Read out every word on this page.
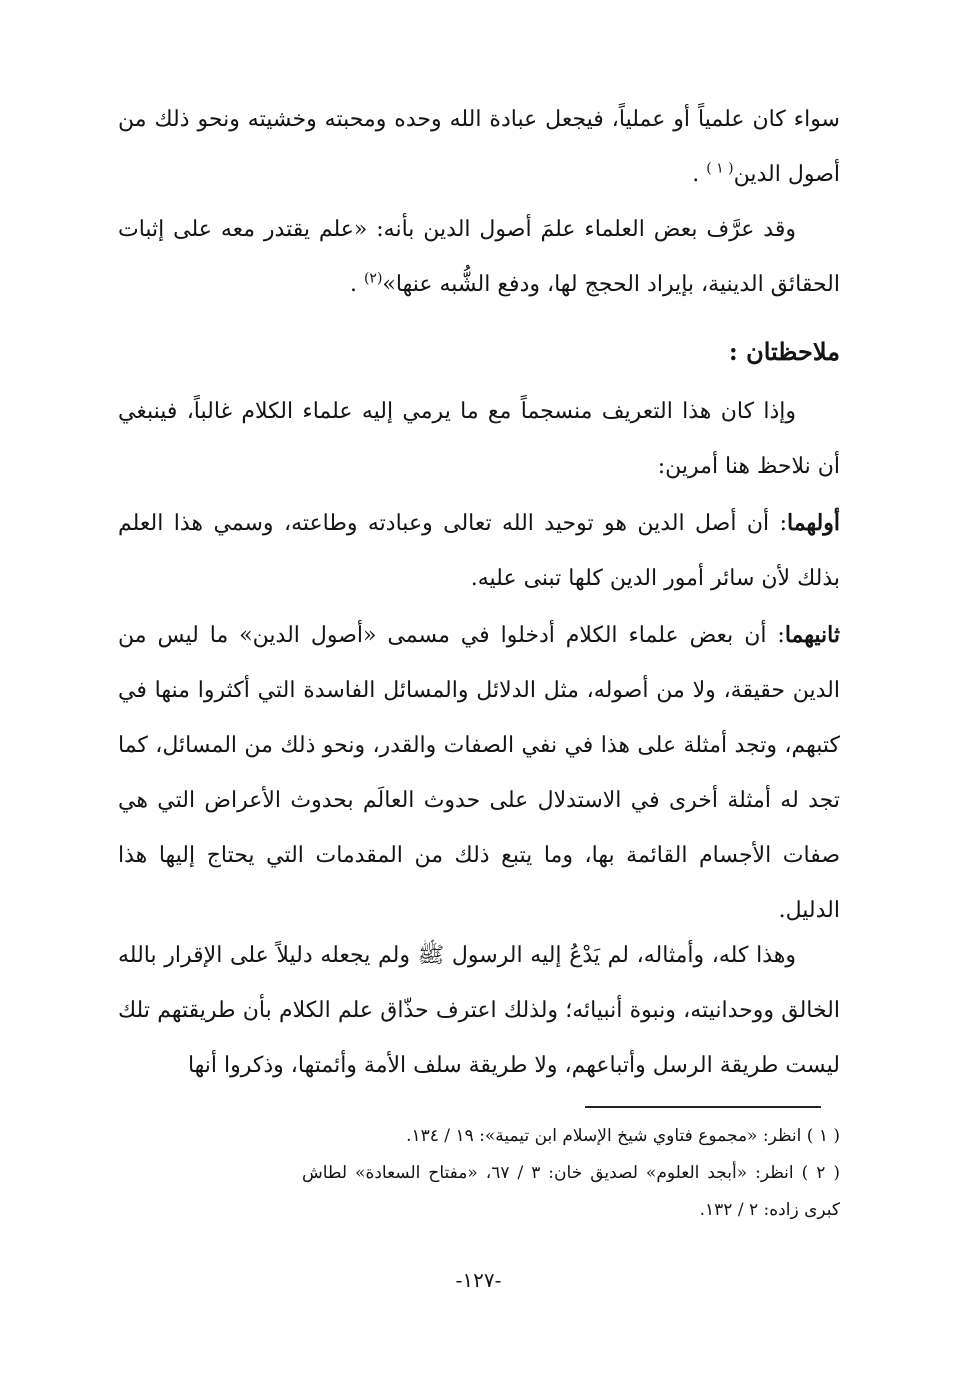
سواء كان علمياً أو عملياً، فيجعل عبادة الله وحده ومحبته وخشيته ونحو ذلك من أصول الدين$^{( ١ )}$ .

وقد عرَّف بعض العلماء علمَ أصول الدين بأنه: «علم يقتدر معه على إثبات الحقائق الدينية، بإيراد الحجج لها، ودفع الشُّبه عنها»$^{(٢)}$ .

ملاحظتان :

وإذا كان هذا التعريف منسجماً مع ما يرمي إليه علماء الكلام غالباً، فينبغي أن نلاحظ هنا أمرين:

أولهما: أن أصل الدين هو توحيد الله تعالى وعبادته وطاعته، وسمي هذا العلم بذلك لأن سائر أمور الدين كلها تبنى عليه.

ثانيهما: أن بعض علماء الكلام أدخلوا في مسمى «أصول الدين» ما ليس من الدين حقيقة، ولا من أصوله، مثل الدلائل والمسائل الفاسدة التي أكثروا منها في كتبهم، وتجد أمثلة على هذا في نفي الصفات والقدر، ونحو ذلك من المسائل، كما تجد له أمثلة أخرى في الاستدلال على حدوث العالَم بحدوث الأعراض التي هي صفات الأجسام القائمة بها، وما يتبع ذلك من المقدمات التي يحتاج إليها هذا الدليل.

وهذا كله، وأمثاله، لم يَدْعُ إليه الرسول ﷺ ولم يجعله دليلاً على الإقرار بالله الخالق ووحدانيته، ونبوة أنبيائه؛ ولذلك اعترف حذّاق علم الكلام بأن طريقتهم تلك ليست طريقة الرسل وأتباعهم، ولا طريقة سلف الأمة وأئمتها، وذكروا أنها

( ١ ) انظر: «مجموع فتاوي شيخ الإسلام ابن تيمية»: ١٩ / ١٣٤.

( ٢ ) انظر: «أبجد العلوم» لصديق خان: ٣ / ٦٧، «مفتاح السعادة» لطاش كبرى زاده: ٢ / ١٣٢.

-١٢٧-
